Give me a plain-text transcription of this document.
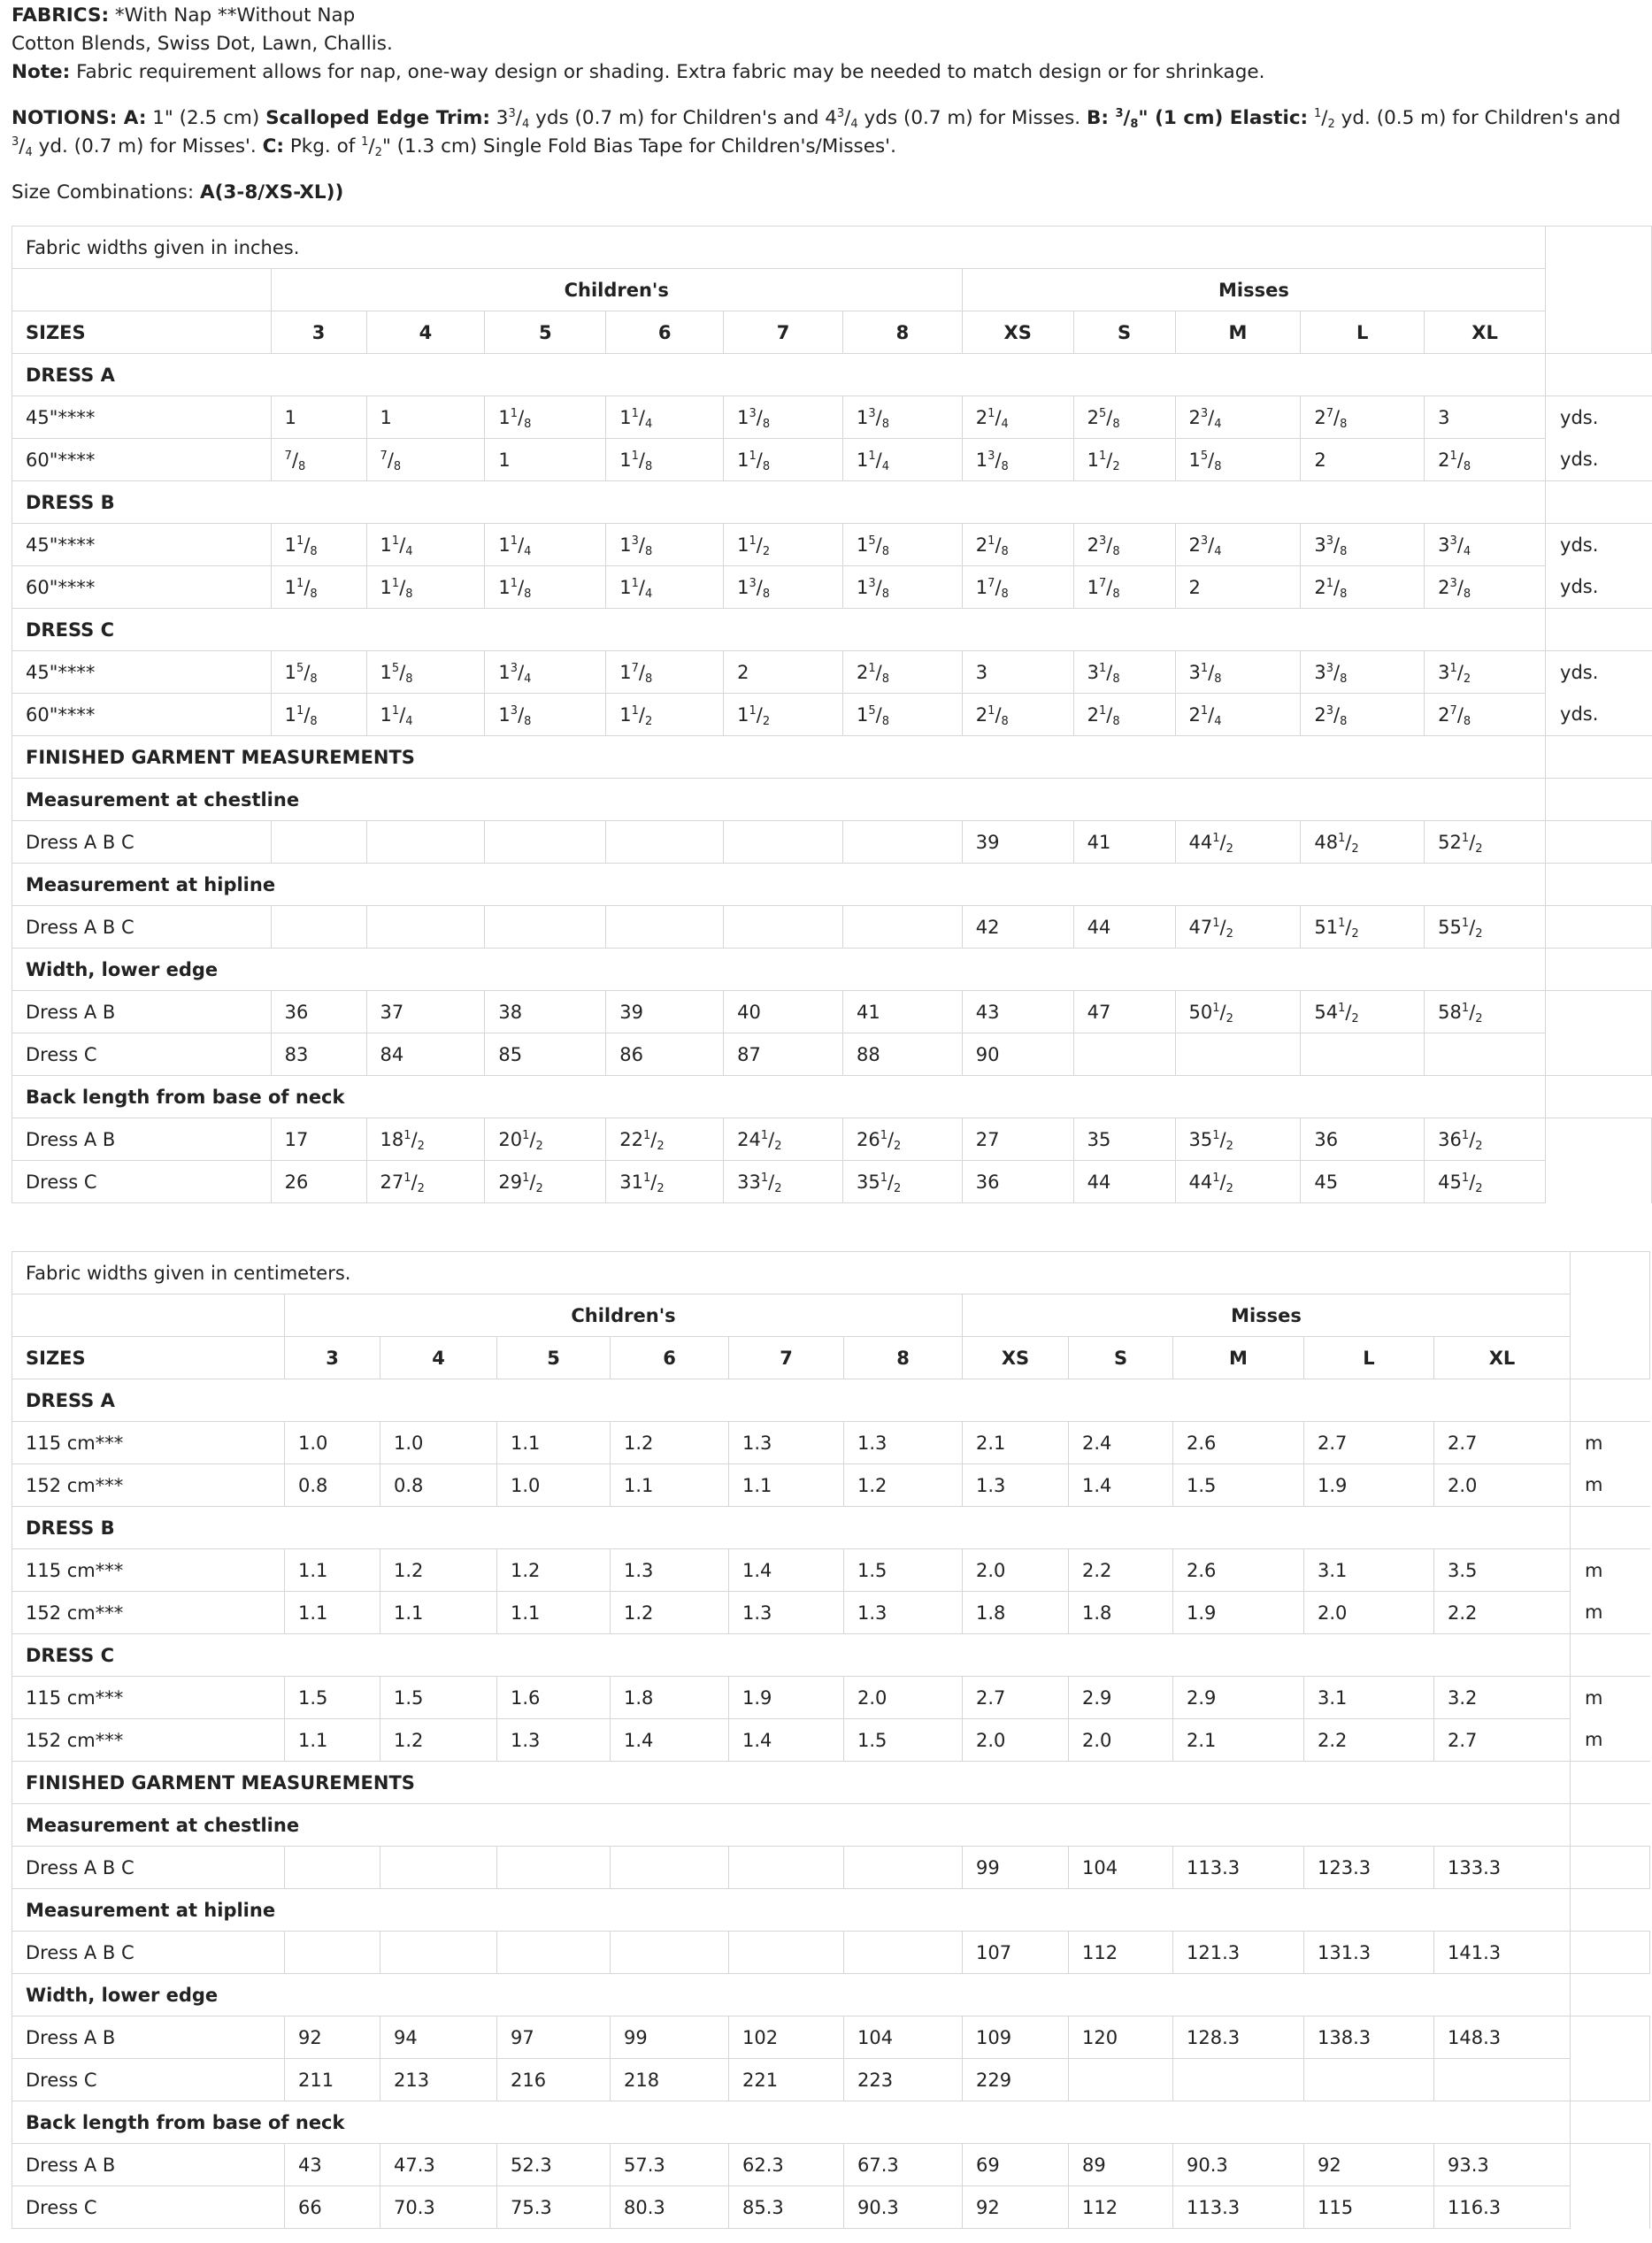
FABRICS: *With Nap **Without Nap
Cotton Blends, Swiss Dot, Lawn, Challis.
Note: Fabric requirement allows for nap, one-way design or shading. Extra fabric may be needed to match design or for shrinkage.
NOTIONS: A: 1" (2.5 cm) Scalloped Edge Trim: $3^3/_4$ yds (0.7 m) for Children's and $4^3/_4$ yds (0.7 m) for Misses. B: $^3/_8$" (1 cm) Elastic: $^1/_2$ yd. (0.5 m) for Children's and $^3/_4$ yd. (0.7 m) for Misses'. C: Pkg. of $^1/_2$" (1.3 cm) Single Fold Bias Tape for Children's/Misses'.
Size Combinations: A(3-8/XS-XL))
Fabric widths given in inches.												
	Children's						Misses					
SIZES	3	4	5	6	7	8	XS	S	M	L	XL	
DRESS A												
45"****	1	1	$1^1/_8$	$1^1/_4$	$1^3/_8$	$1^3/_8$	$2^1/_4$	$2^5/_8$	$2^3/_4$	$2^7/_8$	3	yds.
60"****	$^7/_8$	$^7/_8$	1	$1^1/_8$	$1^1/_8$	$1^1/_4$	$1^3/_8$	$1^1/_2$	$1^5/_8$	2	$2^1/_8$	yds.
DRESS B												
45"****	$1^1/_8$	$1^1/_4$	$1^1/_4$	$1^3/_8$	$1^1/_2$	$1^5/_8$	$2^1/_8$	$2^3/_8$	$2^3/_4$	$3^3/_8$	$3^3/_4$	yds.
60"****	$1^1/_8$	$1^1/_8$	$1^1/_8$	$1^1/_4$	$1^3/_8$	$1^3/_8$	$1^7/_8$	$1^7/_8$	2	$2^1/_8$	$2^3/_8$	yds.
DRESS C												
45"****	$1^5/_8$	$1^5/_8$	$1^3/_4$	$1^7/_8$	2	$2^1/_8$	3	$3^1/_8$	$3^1/_8$	$3^3/_8$	$3^1/_2$	yds.
60"****	$1^1/_8$	$1^1/_4$	$1^3/_8$	$1^1/_2$	$1^1/_2$	$1^5/_8$	$2^1/_8$	$2^1/_8$	$2^1/_4$	$2^3/_8$	$2^7/_8$	yds.
FINISHED GARMENT MEASUREMENTS												
Measurement at chestline												
Dress A B C							39	41	$44^1/_2$	$48^1/_2$	$52^1/_2$	
Measurement at hipline												
Dress A B C							42	44	$47^1/_2$	$51^1/_2$	$55^1/_2$	
Width, lower edge												
Dress A B	36	37	38	39	40	41	43	47	$50^1/_2$	$54^1/_2$	$58^1/_2$	
Dress C	83	84	85	86	87	88	90					
Back length from base of neck												
Dress A B	17	$18^1/_2$	$20^1/_2$	$22^1/_2$	$24^1/_2$	$26^1/_2$	27	35	$35^1/_2$	36	$36^1/_2$	
Dress C	26	$27^1/_2$	$29^1/_2$	$31^1/_2$	$33^1/_2$	$35^1/_2$	36	44	$44^1/_2$	45	$45^1/_2$	
Fabric widths given in centimeters.												
	Children's						Misses					
SIZES	3	4	5	6	7	8	XS	S	M	L	XL	
DRESS A												
115 cm***	1.0	1.0	1.1	1.2	1.3	1.3	2.1	2.4	2.6	2.7	2.7	m
152 cm***	0.8	0.8	1.0	1.1	1.1	1.2	1.3	1.4	1.5	1.9	2.0	m
DRESS B												
115 cm***	1.1	1.2	1.2	1.3	1.4	1.5	2.0	2.2	2.6	3.1	3.5	m
152 cm***	1.1	1.1	1.1	1.2	1.3	1.3	1.8	1.8	1.9	2.0	2.2	m
DRESS C												
115 cm***	1.5	1.5	1.6	1.8	1.9	2.0	2.7	2.9	2.9	3.1	3.2	m
152 cm***	1.1	1.2	1.3	1.4	1.4	1.5	2.0	2.0	2.1	2.2	2.7	m
FINISHED GARMENT MEASUREMENTS												
Measurement at chestline												
Dress A B C							99	104	113.3	123.3	133.3	
Measurement at hipline												
Dress A B C							107	112	121.3	131.3	141.3	
Width, lower edge												
Dress A B	92	94	97	99	102	104	109	120	128.3	138.3	148.3	
Dress C	211	213	216	218	221	223	229					
Back length from base of neck												
Dress A B	43	47.3	52.3	57.3	62.3	67.3	69	89	90.3	92	93.3	
Dress C	66	70.3	75.3	80.3	85.3	90.3	92	112	113.3	115	116.3	
